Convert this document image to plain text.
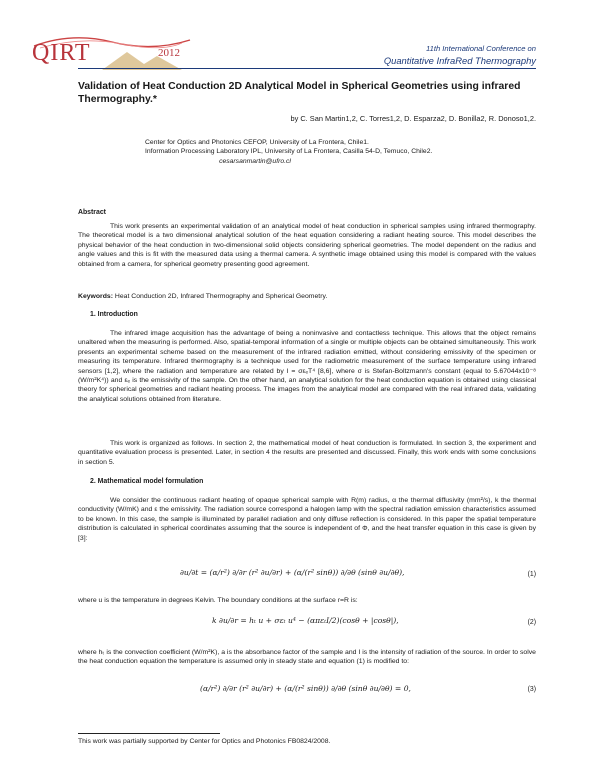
QIRT	2012	11th International Conference on
Quantitative InfraRed Thermography
Validation of Heat Conduction 2D Analytical Model in Spherical Geometries using infrared Thermography.*
by C. San Martin1,2, C. Torres1,2, D. Esparza2, D. Bonilla2, R. Donoso1,2.
Center for Optics and Photonics CEFOP, University of La Frontera, Chile1.
Information Processing Laboratory IPL, University of La Frontera, Casilla 54-D, Temuco, Chile2.
cesarsanmartin@ufro.cl
Abstract
This work presents an experimental validation of an analytical model of heat conduction in spherical samples using infrared thermography. The theoretical model is a two dimensional analytical solution of the heat equation considering a radiant heating source. This model describes the physical behavior of the heat conduction in two-dimensional solid objects considering spherical geometries. The model dependent on the radius and angle values and this is fit with the measured data using a thermal camera. A synthetic image obtained using this model is compared with the values obtained from a camera, for spherical geometry presenting good agreement.
Keywords: Heat Conduction 2D, Infrared Thermography and Spherical Geometry.
1. Introduction
The infrared image acquisition has the advantage of being a noninvasive and contactless technique. This allows that the object remains unaltered when the measuring is performed. Also, spatial-temporal information of a single or multiple objects can be obtained simultaneously. This work presents an experimental scheme based on the measurement of the infrared radiation emitted, without considering emissivity of the specimen or measuring its temperature. Infrared thermography is a technique used for the radiometric measurement of the surface temperature using infrared sensors [1,2], where the radiation and temperature are related by I = σεₑT⁴ [8,6], where σ is Stefan-Boltzmann's constant (equal to 5.67044x10⁻⁸ (W/m²K⁴)) and εₑ is the emissivity of the sample. On the other hand, an analytical solution for the heat conduction equation is obtained using classical theory for spherical geometries and radiant heating process. The images from the analytical model are compared with the real infrared data, validating the analytical solutions obtained from literature.
This work is organized as follows. In section 2, the mathematical model of heat conduction is formulated. In section 3, the experiment and quantitative evaluation process is presented. Later, in section 4 the results are presented and discussed. Finally, this work ends with some conclusions in section 5.
2. Mathematical model formulation
We consider the continuous radiant heating of opaque spherical sample with R(m) radius, α the thermal diffusivity (mm²/s), k the thermal conductivity (W/mK) and ε the emissivity. The radiation source correspond a halogen lamp with the spectral radiation emission characteristics assumed to be known. In this case, the sample is illuminated by parallel radiation and only diffuse reflection is considered. In this paper the spatial temperature distribution is calculated in spherical coordinates assuming that the source is independent of Φ, and the heat transfer equation in this case is given by [3]:
∂u/∂t = (α/r²) ∂/∂r (r² ∂u/∂r) + (α/(r² sinθ)) ∂/∂θ (sinθ ∂u/∂θ),	(1)
where u is the temperature in degrees Kelvin. The boundary conditions at the surface r=R is:
k ∂u/∂r = hₜ u + σεₜ u⁴ − (απεₜI/2)(cosθ + |cosθ|),	(2)
where hₜ is the convection coefficient (W/m²K), a is the absorbance factor of the sample and I is the intensity of radiation of the source. In order to solve the heat conduction equation the temperature is assumed only in steady state and equation (1) is modified to:
(α/r²) ∂/∂r (r² ∂u/∂r) + (α/(r² sinθ)) ∂/∂θ (sinθ ∂u/∂θ) = 0,	(3)
This work was partially supported by Center for Optics and Photonics FB0824/2008.
